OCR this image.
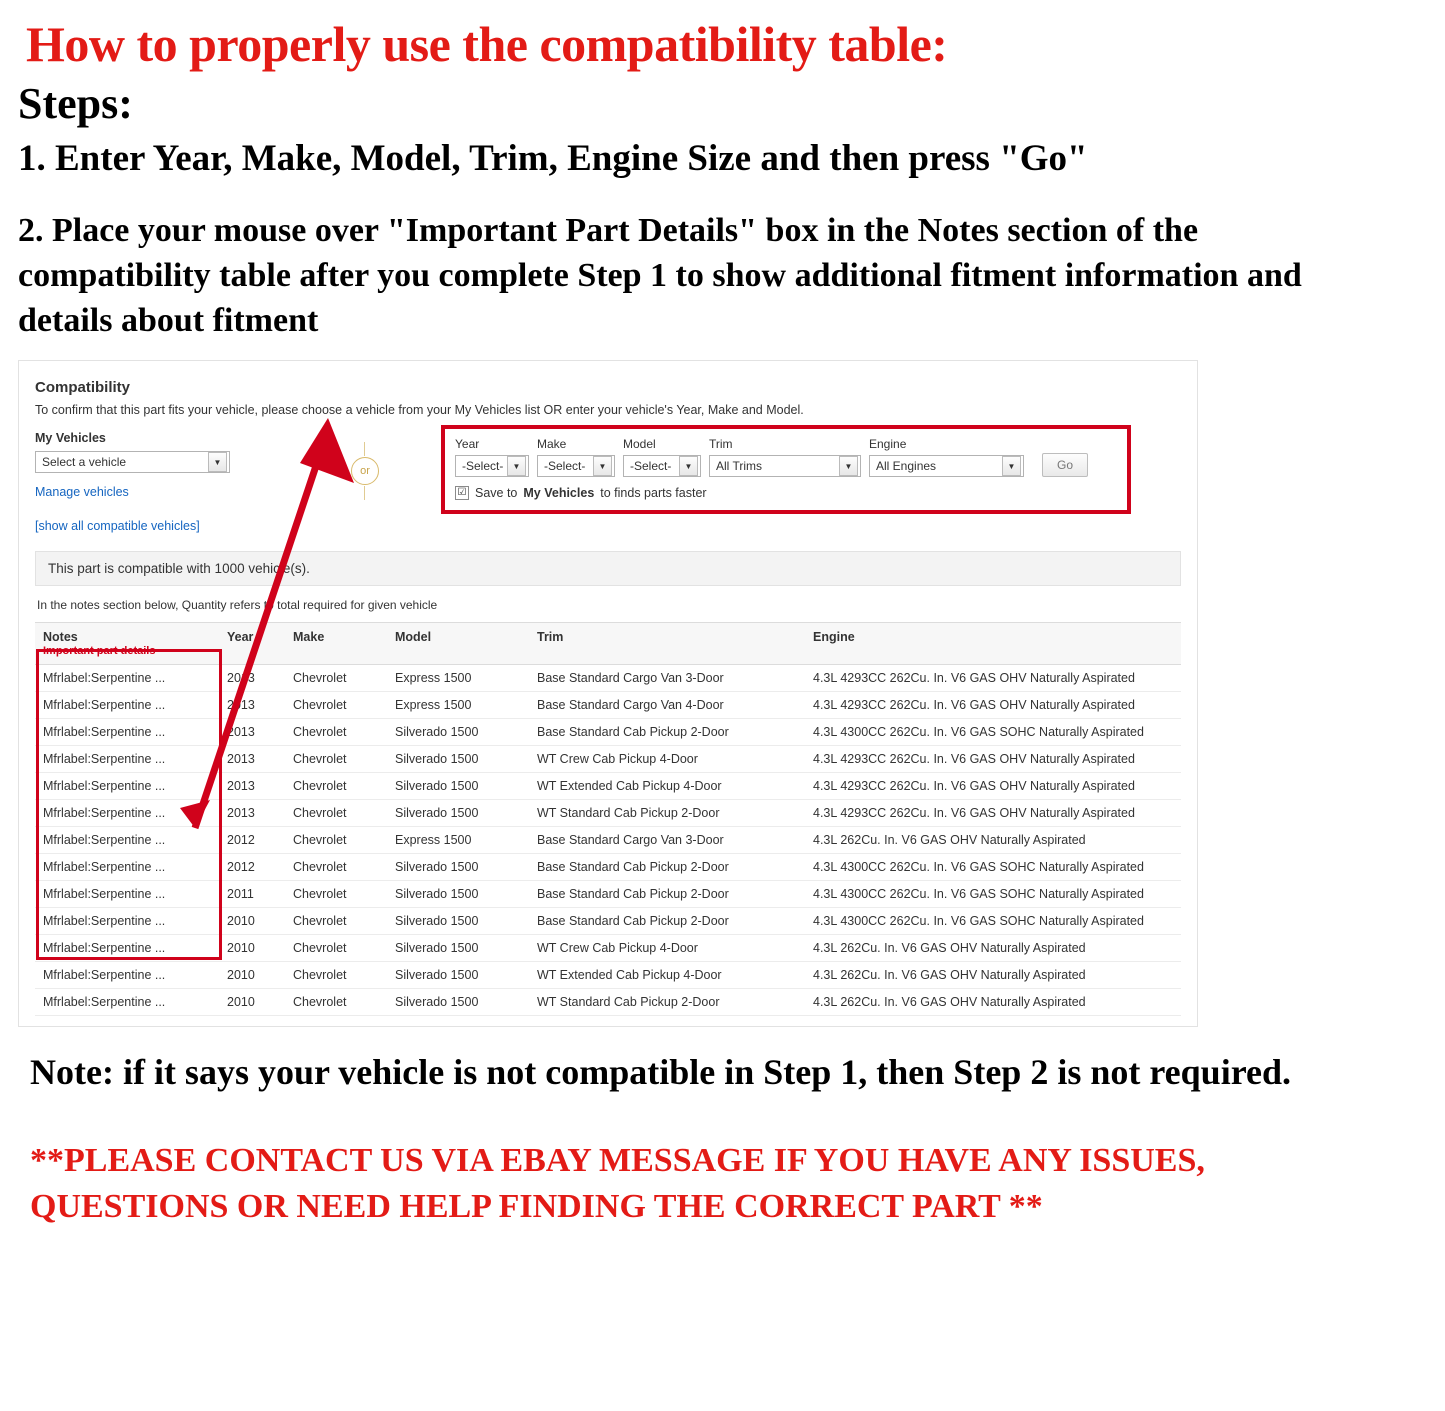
How to properly use the compatibility table:
Steps:
1. Enter Year, Make, Model, Trim, Engine Size and then press "Go"
2. Place your mouse over "Important Part Details" box in the Notes section of the compatibility table after you complete Step 1 to show additional fitment information and details about fitment
Compatibility
To confirm that this part fits your vehicle, please choose a vehicle from your My Vehicles list OR enter your vehicle's Year, Make and Model.
My Vehicles
Select a vehicle	▼
Manage vehicles
[show all compatible vehicles]
or
Year
-Select-	▼
Make
-Select-	▼
Model
-Select-	▼
Trim
All Trims	▼
Engine
All Engines	▼	Go
☑ Save to My Vehicles to finds parts faster
This part is compatible with 1000 vehicle(s).
In the notes section below, Quantity refers to total required for given vehicle
Notes
Important part details	Year	Make	Model	Trim	Engine
Mfrlabel:Serpentine ...	2013	Chevrolet	Express 1500	Base Standard Cargo Van 3-Door	4.3L 4293CC 262Cu. In. V6 GAS OHV Naturally Aspirated
Mfrlabel:Serpentine ...	2013	Chevrolet	Express 1500	Base Standard Cargo Van 4-Door	4.3L 4293CC 262Cu. In. V6 GAS OHV Naturally Aspirated
Mfrlabel:Serpentine ...	2013	Chevrolet	Silverado 1500	Base Standard Cab Pickup 2-Door	4.3L 4300CC 262Cu. In. V6 GAS SOHC Naturally Aspirated
Mfrlabel:Serpentine ...	2013	Chevrolet	Silverado 1500	WT Crew Cab Pickup 4-Door	4.3L 4293CC 262Cu. In. V6 GAS OHV Naturally Aspirated
Mfrlabel:Serpentine ...	2013	Chevrolet	Silverado 1500	WT Extended Cab Pickup 4-Door	4.3L 4293CC 262Cu. In. V6 GAS OHV Naturally Aspirated
Mfrlabel:Serpentine ...	2013	Chevrolet	Silverado 1500	WT Standard Cab Pickup 2-Door	4.3L 4293CC 262Cu. In. V6 GAS OHV Naturally Aspirated
Mfrlabel:Serpentine ...	2012	Chevrolet	Express 1500	Base Standard Cargo Van 3-Door	4.3L 262Cu. In. V6 GAS OHV Naturally Aspirated
Mfrlabel:Serpentine ...	2012	Chevrolet	Silverado 1500	Base Standard Cab Pickup 2-Door	4.3L 4300CC 262Cu. In. V6 GAS SOHC Naturally Aspirated
Mfrlabel:Serpentine ...	2011	Chevrolet	Silverado 1500	Base Standard Cab Pickup 2-Door	4.3L 4300CC 262Cu. In. V6 GAS SOHC Naturally Aspirated
Mfrlabel:Serpentine ...	2010	Chevrolet	Silverado 1500	Base Standard Cab Pickup 2-Door	4.3L 4300CC 262Cu. In. V6 GAS SOHC Naturally Aspirated
Mfrlabel:Serpentine ...	2010	Chevrolet	Silverado 1500	WT Crew Cab Pickup 4-Door	4.3L 262Cu. In. V6 GAS OHV Naturally Aspirated
Mfrlabel:Serpentine ...	2010	Chevrolet	Silverado 1500	WT Extended Cab Pickup 4-Door	4.3L 262Cu. In. V6 GAS OHV Naturally Aspirated
Mfrlabel:Serpentine ...	2010	Chevrolet	Silverado 1500	WT Standard Cab Pickup 2-Door	4.3L 262Cu. In. V6 GAS OHV Naturally Aspirated
Note: if it says your vehicle is not compatible in Step 1, then Step 2 is not required.
**PLEASE CONTACT US VIA EBAY MESSAGE IF YOU HAVE ANY ISSUES, QUESTIONS OR NEED HELP FINDING THE CORRECT PART **
